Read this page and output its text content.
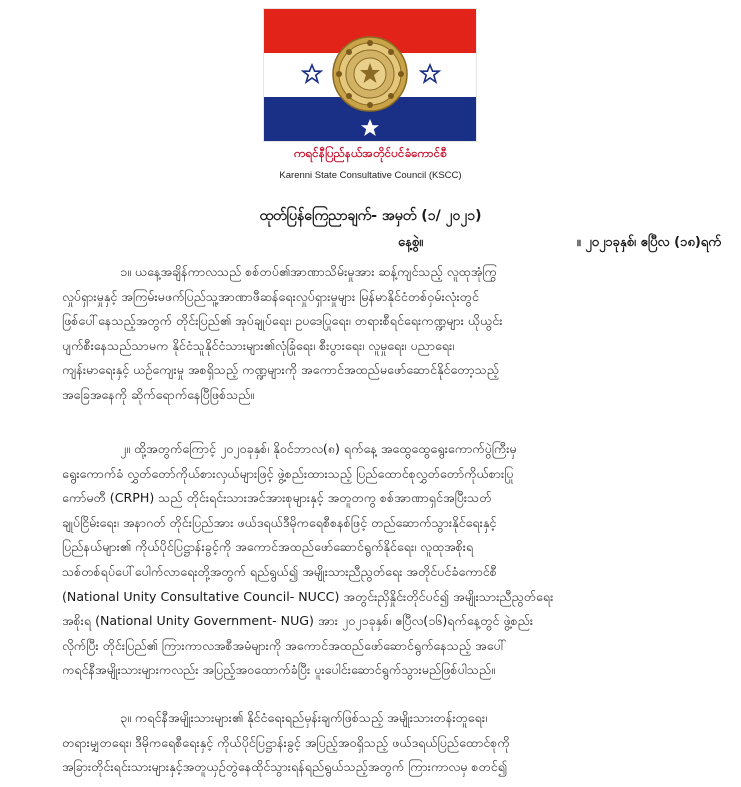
ကရင်နီပြည်နယ်အတိုင်ပင်ခံကောင်စီ
Karenni State Consultative Council (KSCC)
ထုတ်ပြန်ကြေညာချက်- အမှတ် (၁/ ၂၀၂၁)
နေ့စွဲ။	။ ၂၀၂၁ခုနှစ်၊ ဧပြီလ (၁၈)ရက်
၁။ ယနေ့အချိန်ကာလသည် စစ်တပ်၏အာဏာသိမ်းမှုအား ဆန့်ကျင်သည့် လူထုအုံကြွ
လှုပ်ရှားမှုနှင့် အကြမ်းမဖက်ပြည်သူ့အာဏာဖီဆန်ရေးလှုပ်ရှားမှုများ မြန်မာနိုင်ငံတစ်ဝှမ်းလုံးတွင်
ဖြစ်ပေါ်နေသည့်အတွက် တိုင်းပြည်၏ အုပ်ချုပ်ရေး၊ ဥပဒေပြုရေး၊ တရားစီရင်ရေးကဏ္ဍများ ယိုယွင်း
ပျက်စီးနေသည်သာမက နိုင်ငံသူနိုင်ငံသားများ၏လုံခြုံရေး၊ စီးပွားရေး၊ လူမှုရေး၊ ပညာရေး၊
ကျန်းမာရေးနှင့် ယဉ်ကျေးမှု အစရှိသည့် ကဏ္ဍများကို အကောင်အထည်မဖော်ဆောင်နိုင်တော့သည့်
အခြေအနေကို ဆိုက်ရောက်နေပြီဖြစ်သည်။
၂။ ထို့အတွက်ကြောင့် ၂၀၂၀ခုနှစ်၊ နိုဝင်ဘာလ(၈) ရက်နေ့ အထွေထွေရွေးကောက်ပွဲကြီးမှ
ရွေးကောက်ခံ လွှတ်တော်ကိုယ်စားလှယ်များဖြင့် ဖွဲ့စည်းထားသည့် ပြည်ထောင်စုလွှတ်တော်ကိုယ်စားပြု
ကော်မတီ (CRPH) သည် တိုင်းရင်းသားအင်အားစုများနှင့် အတူတကွ စစ်အာဏာရှင်အပြီးသတ်
ချုပ်ငြိမ်းရေး၊ အနာဂတ် တိုင်းပြည်အား ဖယ်ဒရယ်ဒီမိုကရေစီစနစ်ဖြင့် တည်ဆောက်သွားနိုင်ရေးနှင့်
ပြည်နယ်များ၏ ကိုယ်ပိုင်ပြဋ္ဌာန်းခွင့်ကို အကောင်အထည်ဖော်ဆောင်ရွက်နိုင်ရေး၊ လူထုအစိုးရ
သစ်တစ်ရပ်ပေါ်ပေါက်လာရေးတို့အတွက် ရည်ရွယ်၍ အမျိုးသားညီညွတ်ရေး အတိုင်ပင်ခံကောင်စီ
(National Unity Consultative Council- NUCC) အတွင်းညှိနှိုင်းတိုင်ပင်၍ အမျိုးသားညီညွတ်ရေး
အစိုးရ (National Unity Government- NUG) အား ၂၀၂၁ခုနှစ်၊ ဧပြီလ(၁၆)ရက်နေ့တွင် ဖွဲ့စည်း
လိုက်ပြီး တိုင်းပြည်၏ ကြားကာလအစီအမံများကို အကောင်အထည်ဖော်ဆောင်ရွက်နေသည့် အပေါ်
ကရင်နီအမျိုးသားများကလည်း အပြည့်အဝထောက်ခံပြီး ပူးပေါင်းဆောင်ရွက်သွားမည်ဖြစ်ပါသည်။
၃။ ကရင်နီအမျိုးသားများ၏ နိုင်ငံရေးရည်မှန်းချက်ဖြစ်သည့် အမျိုးသားတန်းတူရေး၊
တရားမျှတရေး၊ ဒီမိုကရေစီရေးနှင့် ကိုယ်ပိုင်ပြဋ္ဌာန်းခွင့် အပြည့်အဝရှိသည့် ဖယ်ဒရယ်ပြည်ထောင်စုကို
အခြားတိုင်းရင်းသားများနှင့်အတူယှဉ်တွဲနေထိုင်သွားရန်ရည်ရွယ်သည့်အတွက် ကြားကာလမှ စတင်၍
